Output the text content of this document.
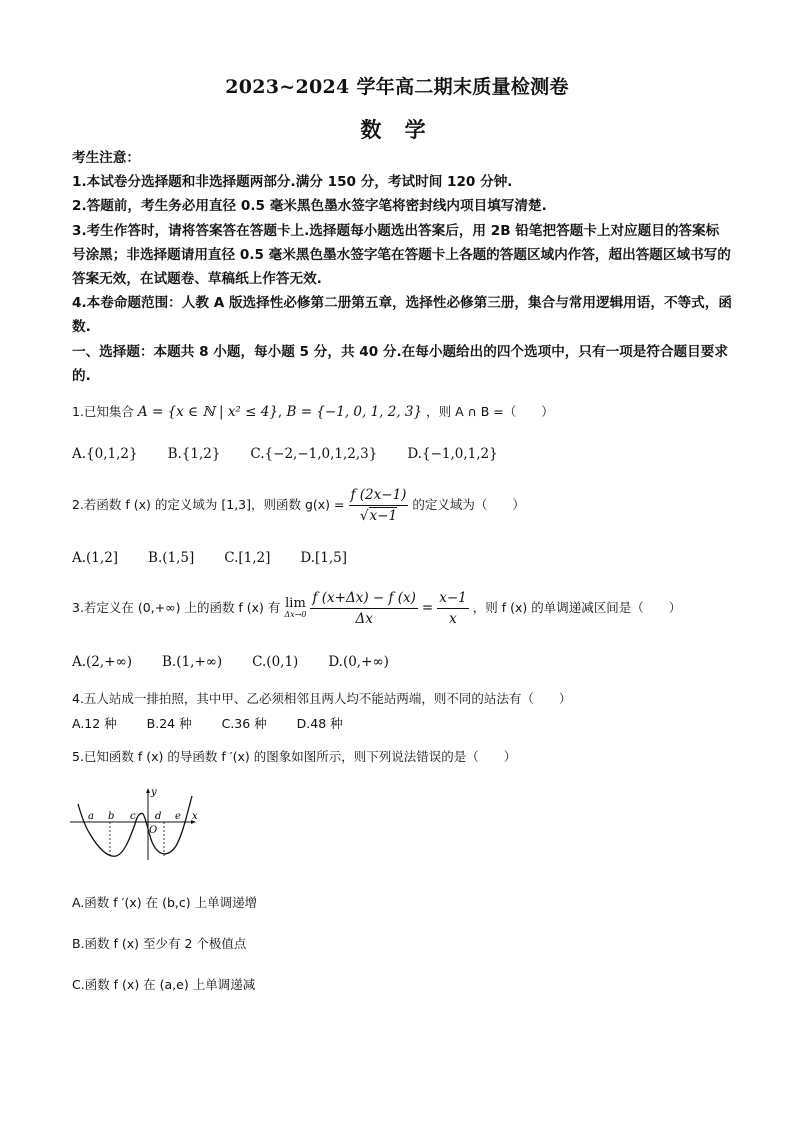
2023~2024 学年高二期末质量检测卷
数 学

考生注意：

1.本试卷分选择题和非选择题两部分.满分 150 分，考试时间 120 分钟.

2.答题前，考生务必用直径 0.5 毫米黑色墨水签字笔将密封线内项目填写清楚.

3.考生作答时，请将答案答在答题卡上.选择题每小题选出答案后，用 2B 铅笔把答题卡上对应题目的答案标号涂黑；非选择题请用直径 0.5 毫米黑色墨水签字笔在答题卡上各题的答题区域内作答，超出答题区域书写的答案无效，在试题卷、草稿纸上作答无效.

4.本卷命题范围：人教 A 版选择性必修第二册第五章，选择性必修第三册，集合与常用逻辑用语，不等式，函数.

一、选择题：本题共 8 小题，每小题 5 分，共 40 分.在每小题给出的四个选项中，只有一项是符合题目要求的.

1.已知集合 A = {x ∈ ℕ | x² ≤ 4}, B = {−1, 0, 1, 2, 3} ，则 A ∩ B =（　　）
A.{0,1,2} B.{1,2} C.{−2,−1,0,1,2,3} D.{−1,0,1,2}
2.若函数 f (x) 的定义域为 [1,3]，则函数 $g(x) = \frac{f (2x-1)}{√x-1}$ 的定义域为（　　）
A.(1,2] B.(1,5] C.[1,2] D.[1,5]
3.若定义在 (0,+∞) 上的函数 f (x) 有 lim
Δx→0
$\frac{f (x+\Delta x) - f (x)}{\Delta x} = \frac{x-1}{x}$ ，则 f (x) 的单调递减区间是（　　）
A.(2,+∞) B.(1,+∞) C.(0,1) D.(0,+∞)
4.五人站成一排拍照，其中甲、乙必须相邻且两人均不能站两端，则不同的站法有（　　）
A.12 种 B.24 种 C.36 种 D.48 种
5.已知函数 f (x) 的导函数 f ′(x) 的图象如图所示，则下列说法错误的是（　　）
a b c d e x
y
O
A.函数 f ′(x) 在 (b,c) 上单调递增
B.函数 f (x) 至少有 2 个极值点
C.函数 f (x) 在 (a,e) 上单调递减
